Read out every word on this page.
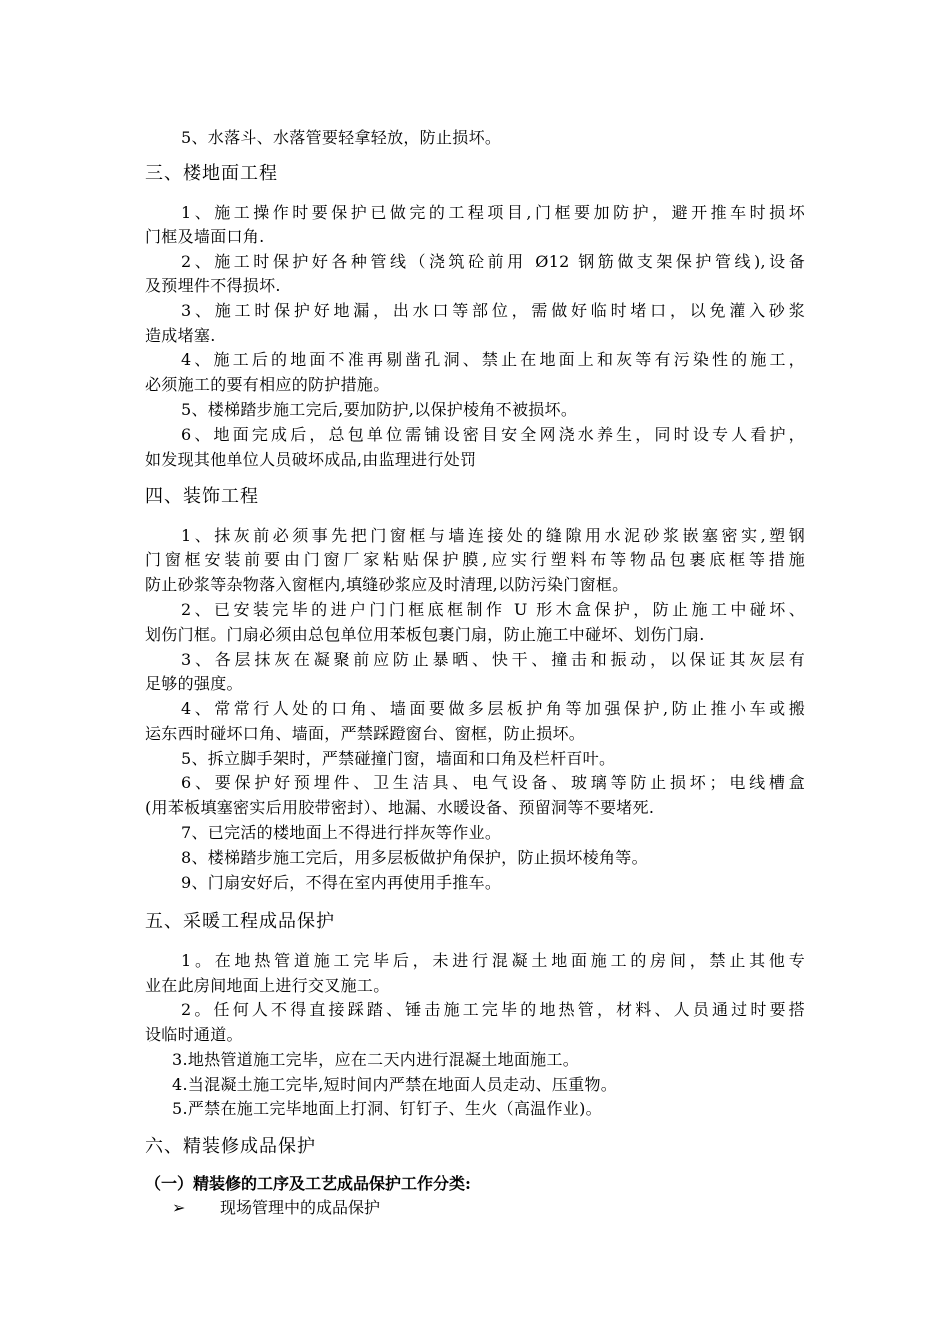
5、水落斗、水落管要轻拿轻放，防止损坏。
三、楼地面工程
1、施工操作时要保护已做完的工程项目,门框要加防护，避开推车时损坏
门框及墙面口角.
2、施工时保护好各种管线（浇筑砼前用 Ø12 钢筋做支架保护管线),设备
及预埋件不得损坏.
3、施工时保护好地漏，出水口等部位，需做好临时堵口，以免灌入砂浆
造成堵塞.
4、施工后的地面不准再剔凿孔洞、禁止在地面上和灰等有污染性的施工，
必须施工的要有相应的防护措施。
5、楼梯踏步施工完后,要加防护,以保护棱角不被损坏。
6、地面完成后，总包单位需铺设密目安全网浇水养生，同时设专人看护，
如发现其他单位人员破坏成品,由监理进行处罚
四、装饰工程
1、抹灰前必须事先把门窗框与墙连接处的缝隙用水泥砂浆嵌塞密实,塑钢
门窗框安装前要由门窗厂家粘贴保护膜,应实行塑料布等物品包裹底框等措施
防止砂浆等杂物落入窗框内,填缝砂浆应及时清理,以防污染门窗框。
2、已安装完毕的进户门门框底框制作 U 形木盒保护，防止施工中碰坏、
划伤门框。门扇必须由总包单位用苯板包裹门扇，防止施工中碰坏、划伤门扇.
3、各层抹灰在凝聚前应防止暴晒、快干、撞击和振动，以保证其灰层有
足够的强度。
4、常常行人处的口角、墙面要做多层板护角等加强保护,防止推小车或搬
运东西时碰坏口角、墙面，严禁踩蹬窗台、窗框，防止损坏。
5、拆立脚手架时，严禁碰撞门窗，墙面和口角及栏杆百叶。
6、要保护好预埋件、卫生洁具、电气设备、玻璃等防止损坏；电线槽盒
(用苯板填塞密实后用胶带密封）、地漏、水暖设备、预留洞等不要堵死.
7、已完活的楼地面上不得进行拌灰等作业。
8、楼梯踏步施工完后，用多层板做护角保护，防止损坏棱角等。
9、门扇安好后，不得在室内再使用手推车。
五、采暖工程成品保护
1。在地热管道施工完毕后，未进行混凝土地面施工的房间，禁止其他专
业在此房间地面上进行交叉施工。
2。任何人不得直接踩踏、锤击施工完毕的地热管，材料、人员通过时要搭
设临时通道。
3.地热管道施工完毕，应在二天内进行混凝土地面施工。
4.当混凝土施工完毕,短时间内严禁在地面人员走动、压重物。
5.严禁在施工完毕地面上打洞、钉钉子、生火（高温作业)。
六、精装修成品保护
（一）精装修的工序及工艺成品保护工作分类:
➢ 现场管理中的成品保护
